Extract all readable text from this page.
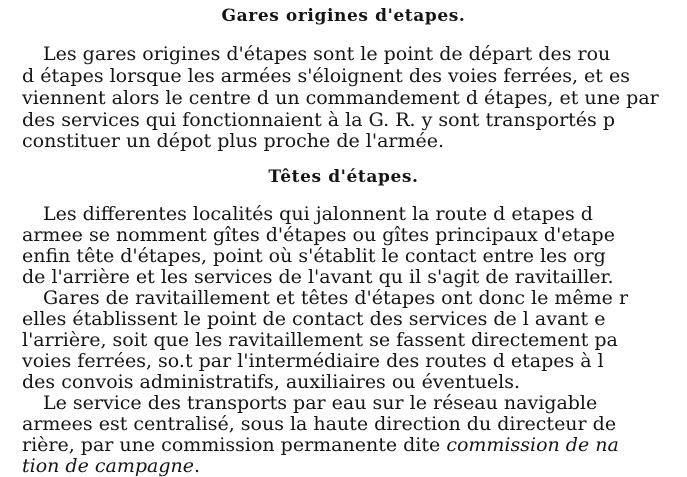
Gares origines d'etapes.
Les gares origines d'étapes sont le point de départ des rou
d étapes lorsque les armées s'éloignent des voies ferrées, et es
viennent alors le centre d un commandement d étapes, et une par
des services qui fonctionnaient à la G. R. y sont transportés p
constituer un dépot plus proche de l'armée.
Têtes d'étapes.
Les differentes localités qui jalonnent la route d etapes d
armee se nomment gîtes d'étapes ou gîtes principaux d'etape
enfin tête d'étapes, point où s'établit le contact entre les org
de l'arrière et les services de l'avant qu il s'agit de ravitailler.
Gares de ravitaillement et têtes d'étapes ont donc le même r
elles établissent le point de contact des services de l avant e
l'arrière, soit que les ravitaillement se fassent directement pa
voies ferrées, so.t par l'intermédiaire des routes d etapes à l
des convois administratifs, auxiliaires ou éventuels.
Le service des transports par eau sur le réseau navigable
armees est centralisé, sous la haute direction du directeur de
rière, par une commission permanente dite commission de na
tion de campagne.
